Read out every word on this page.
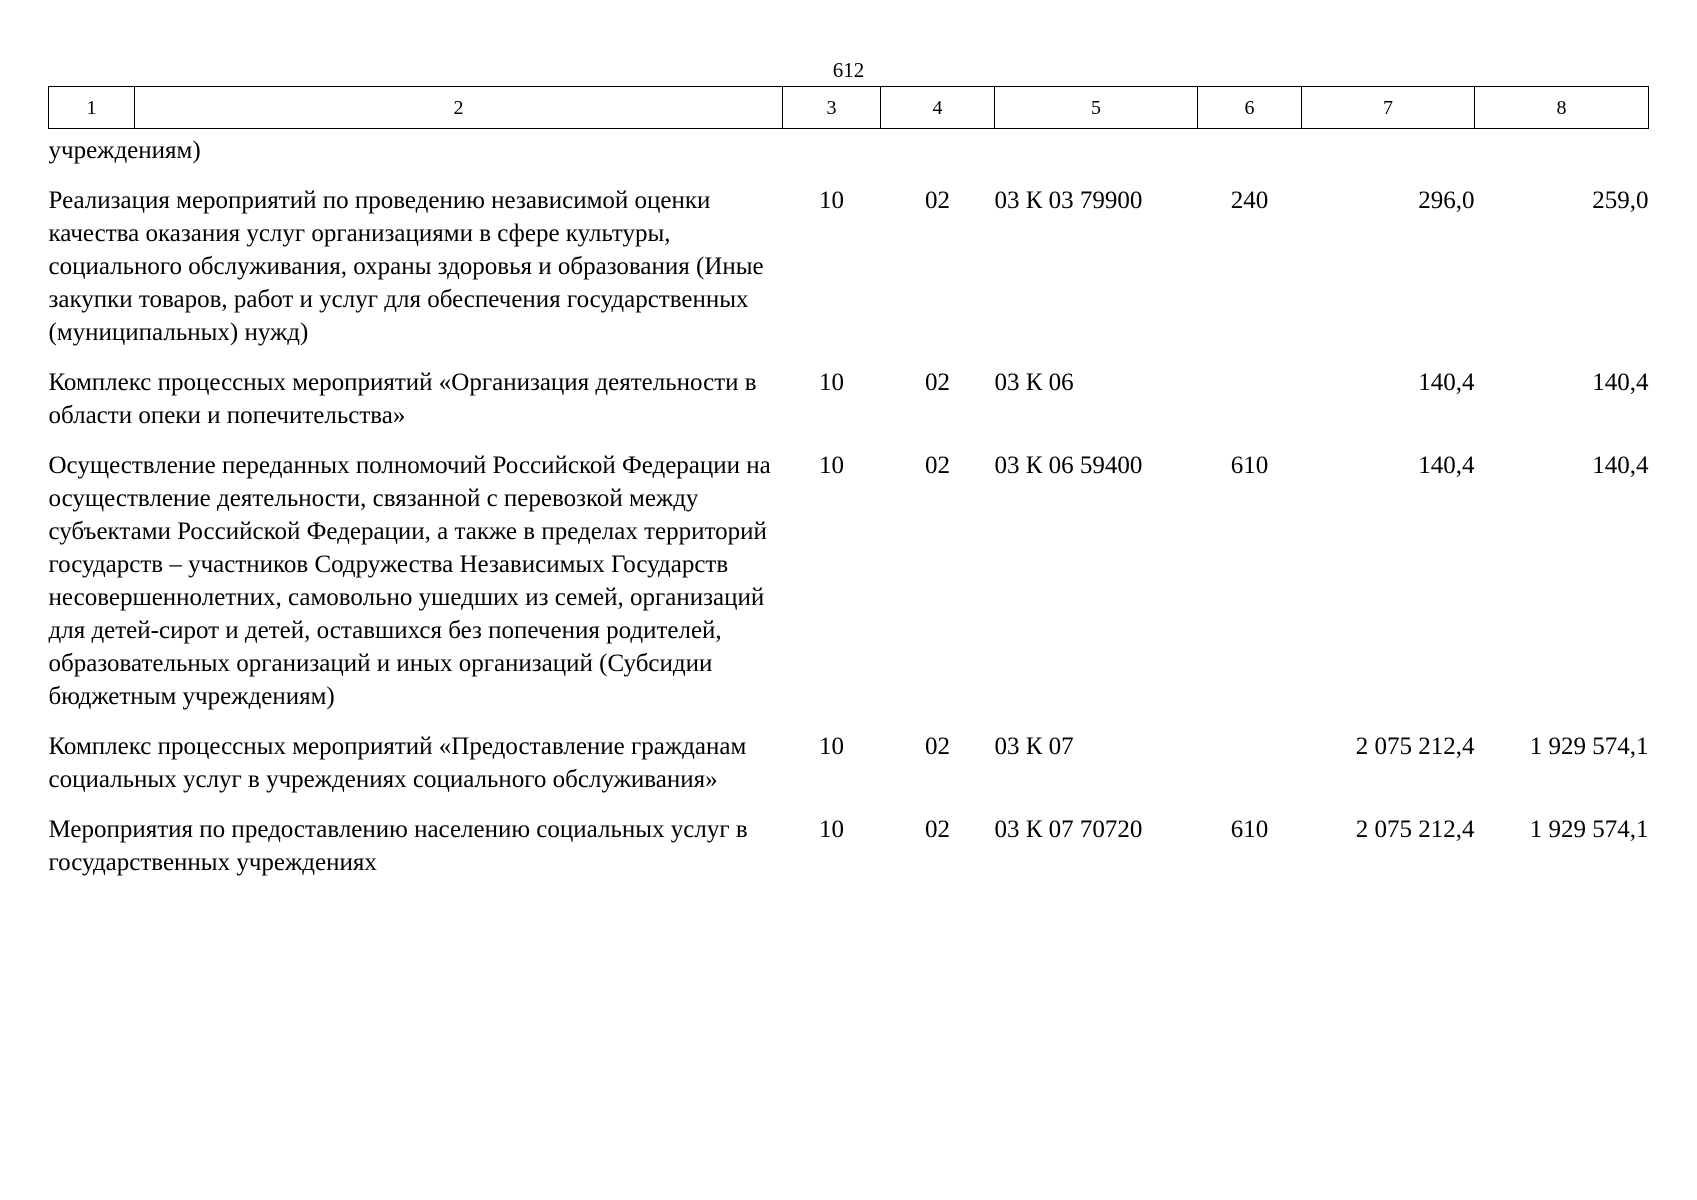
612
1	2	3	4	5	6	7	8
учреждениям)							
Реализация мероприятий по проведению независимой оценки качества оказания услуг организациями в сфере культуры, социального обслуживания, охраны здоровья и образования (Иные закупки товаров, работ и услуг для обеспечения государственных (муниципальных) нужд)		10	02	03 К 03 79900	240	296,0	259,0
Комплекс процессных мероприятий «Организация деятельности в области опеки и попечительства»		10	02	03 К 06		140,4	140,4
Осуществление переданных полномочий Российской Федерации на осуществление деятельности, связанной с перевозкой между субъектами Российской Федерации, а также в пределах территорий государств – участников Содружества Независимых Государств несовершеннолетних, самовольно ушедших из семей, организаций для детей-сирот и детей, оставшихся без попечения родителей, образовательных организаций и иных организаций (Субсидии бюджетным учреждениям)		10	02	03 К 06 59400	610	140,4	140,4
Комплекс процессных мероприятий «Предоставление гражданам социальных услуг в учреждениях социального обслуживания»		10	02	03 К 07		2 075 212,4	1 929 574,1
Мероприятия по предоставлению населению социальных услуг в государственных учреждениях		10	02	03 К 07 70720	610	2 075 212,4	1 929 574,1
